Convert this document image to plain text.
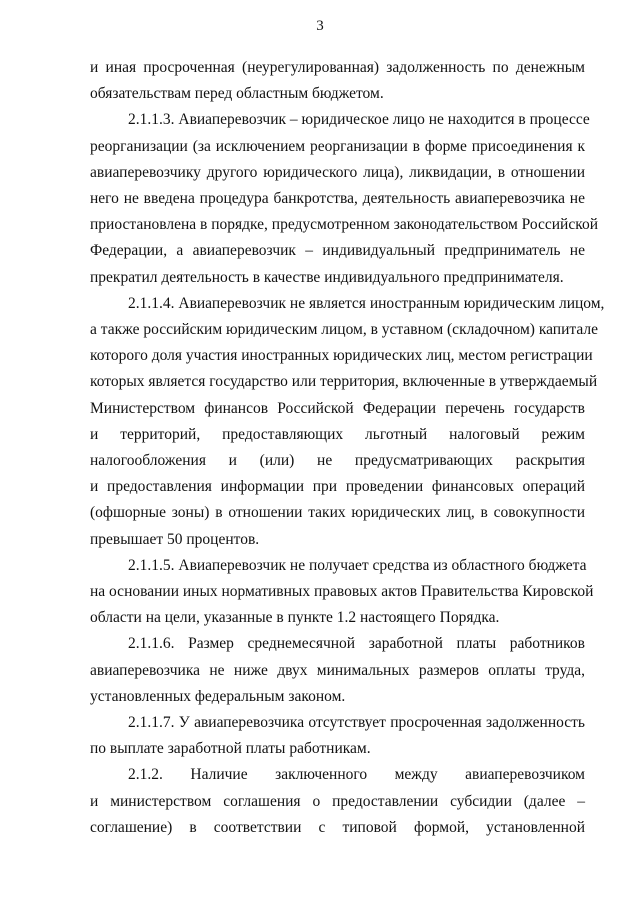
3
и иная просроченная (неурегулированная) задолженность по денежным
обязательствам перед областным бюджетом.
2.1.1.3. Авиаперевозчик – юридическое лицо не находится в процессе
реорганизации (за исключением реорганизации в форме присоединения к
авиаперевозчику другого юридического лица), ликвидации, в отношении
него не введена процедура банкротства, деятельность авиаперевозчика не
приостановлена в порядке, предусмотренном законодательством Российской
Федерации, а авиаперевозчик – индивидуальный предприниматель не
прекратил деятельность в качестве индивидуального предпринимателя.
2.1.1.4. Авиаперевозчик не является иностранным юридическим лицом,
а также российским юридическим лицом, в уставном (складочном) капитале
которого доля участия иностранных юридических лиц, местом регистрации
которых является государство или территория, включенные в утверждаемый
Министерством финансов Российской Федерации перечень государств
и территорий, предоставляющих льготный налоговый режим
налогообложения и (или) не предусматривающих раскрытия
и предоставления информации при проведении финансовых операций
(офшорные зоны) в отношении таких юридических лиц, в совокупности
превышает 50 процентов.
2.1.1.5. Авиаперевозчик не получает средства из областного бюджета
на основании иных нормативных правовых актов Правительства Кировской
области на цели, указанные в пункте 1.2 настоящего Порядка.
2.1.1.6. Размер среднемесячной заработной платы работников
авиаперевозчика не ниже двух минимальных размеров оплаты труда,
установленных федеральным законом.
2.1.1.7. У авиаперевозчика отсутствует просроченная задолженность
по выплате заработной платы работникам.
2.1.2. Наличие заключенного между авиаперевозчиком
и министерством соглашения о предоставлении субсидии (далее –
соглашение) в соответствии с типовой формой, установленной
